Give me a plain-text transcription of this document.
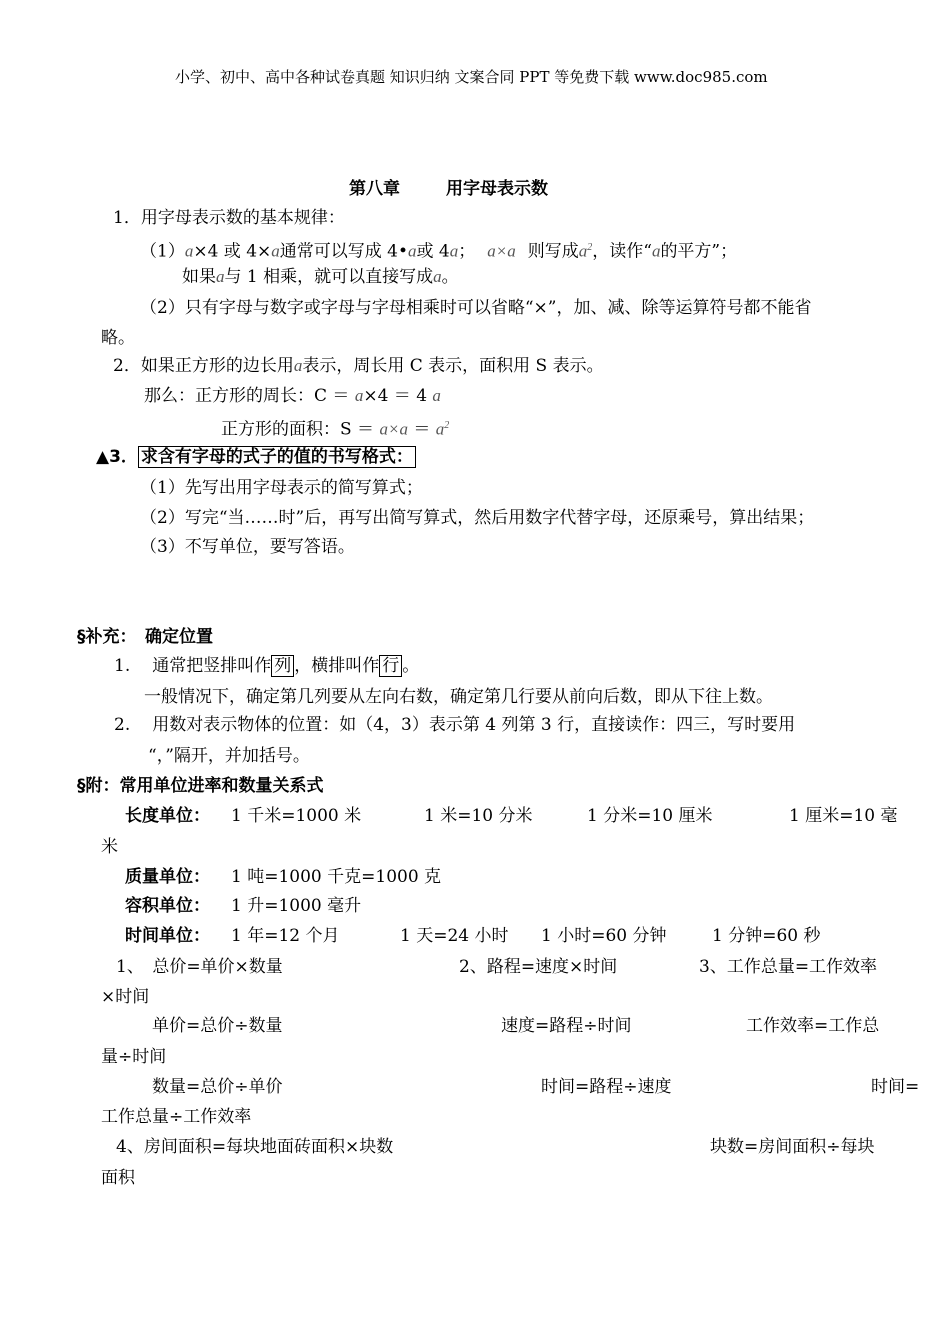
小学、初中、高中各种试卷真题 知识归纳 文案合同 PPT 等免费下载 www.doc985.com
第八章	用字母表示数
1．用字母表示数的基本规律：
（1）a×4 或 4×a通常可以写成 4•a或 4a； a×a 则写成$a^2$，读作“a的平方”；
如果a与 1 相乘，就可以直接写成a。
（2）只有字母与数字或字母与字母相乘时可以省略“×”，加、减、除等运算符号都不能省
略。
2．如果正方形的边长用a表示，周长用 C 表示，面积用 S 表示。
那么：正方形的周长：C ＝ a×4 ＝ 4 a
正方形的面积：$S = a\times a = a^2$
▲3． 求含有字母的式子的值的书写格式：
（1）先写出用字母表示的简写算式；
（2）写完“当……时”后，再写出简写算式，然后用数字代替字母，还原乘号，算出结果；
（3）不写单位，要写答语。
§补充：　确定位置
1. 通常把竖排叫作 列 ，横排叫作 行 。
一般情况下，确定第几列要从左向右数，确定第几行要从前向后数，即从下往上数。
2. 用数对表示物体的位置：如（4，3）表示第 4 列第 3 行，直接读作：四三，写时要用
“，”隔开，并加括号。
§附：常用单位进率和数量关系式
长度单位： 1 千米=1000 米	1 米=10 分米	1 分米=10 厘米	1 厘米=10 毫
米
质量单位： 1 吨=1000 千克=1000 克
容积单位： 1 升=1000 毫升
时间单位： 1 年=12 个月	1 天=24 小时 1 小时=60 分钟	1 分钟=60 秒
1、　总价=单价×数量	2、路程=速度×时间	3、工作总量=工作效率
×时间
单价=总价÷数量	速度=路程÷时间	工作效率=工作总
量÷时间
数量=总价÷单价	时间=路程÷速度	时间=
工作总量÷工作效率
4、房间面积=每块地面砖面积×块数	块数=房间面积÷每块
面积
